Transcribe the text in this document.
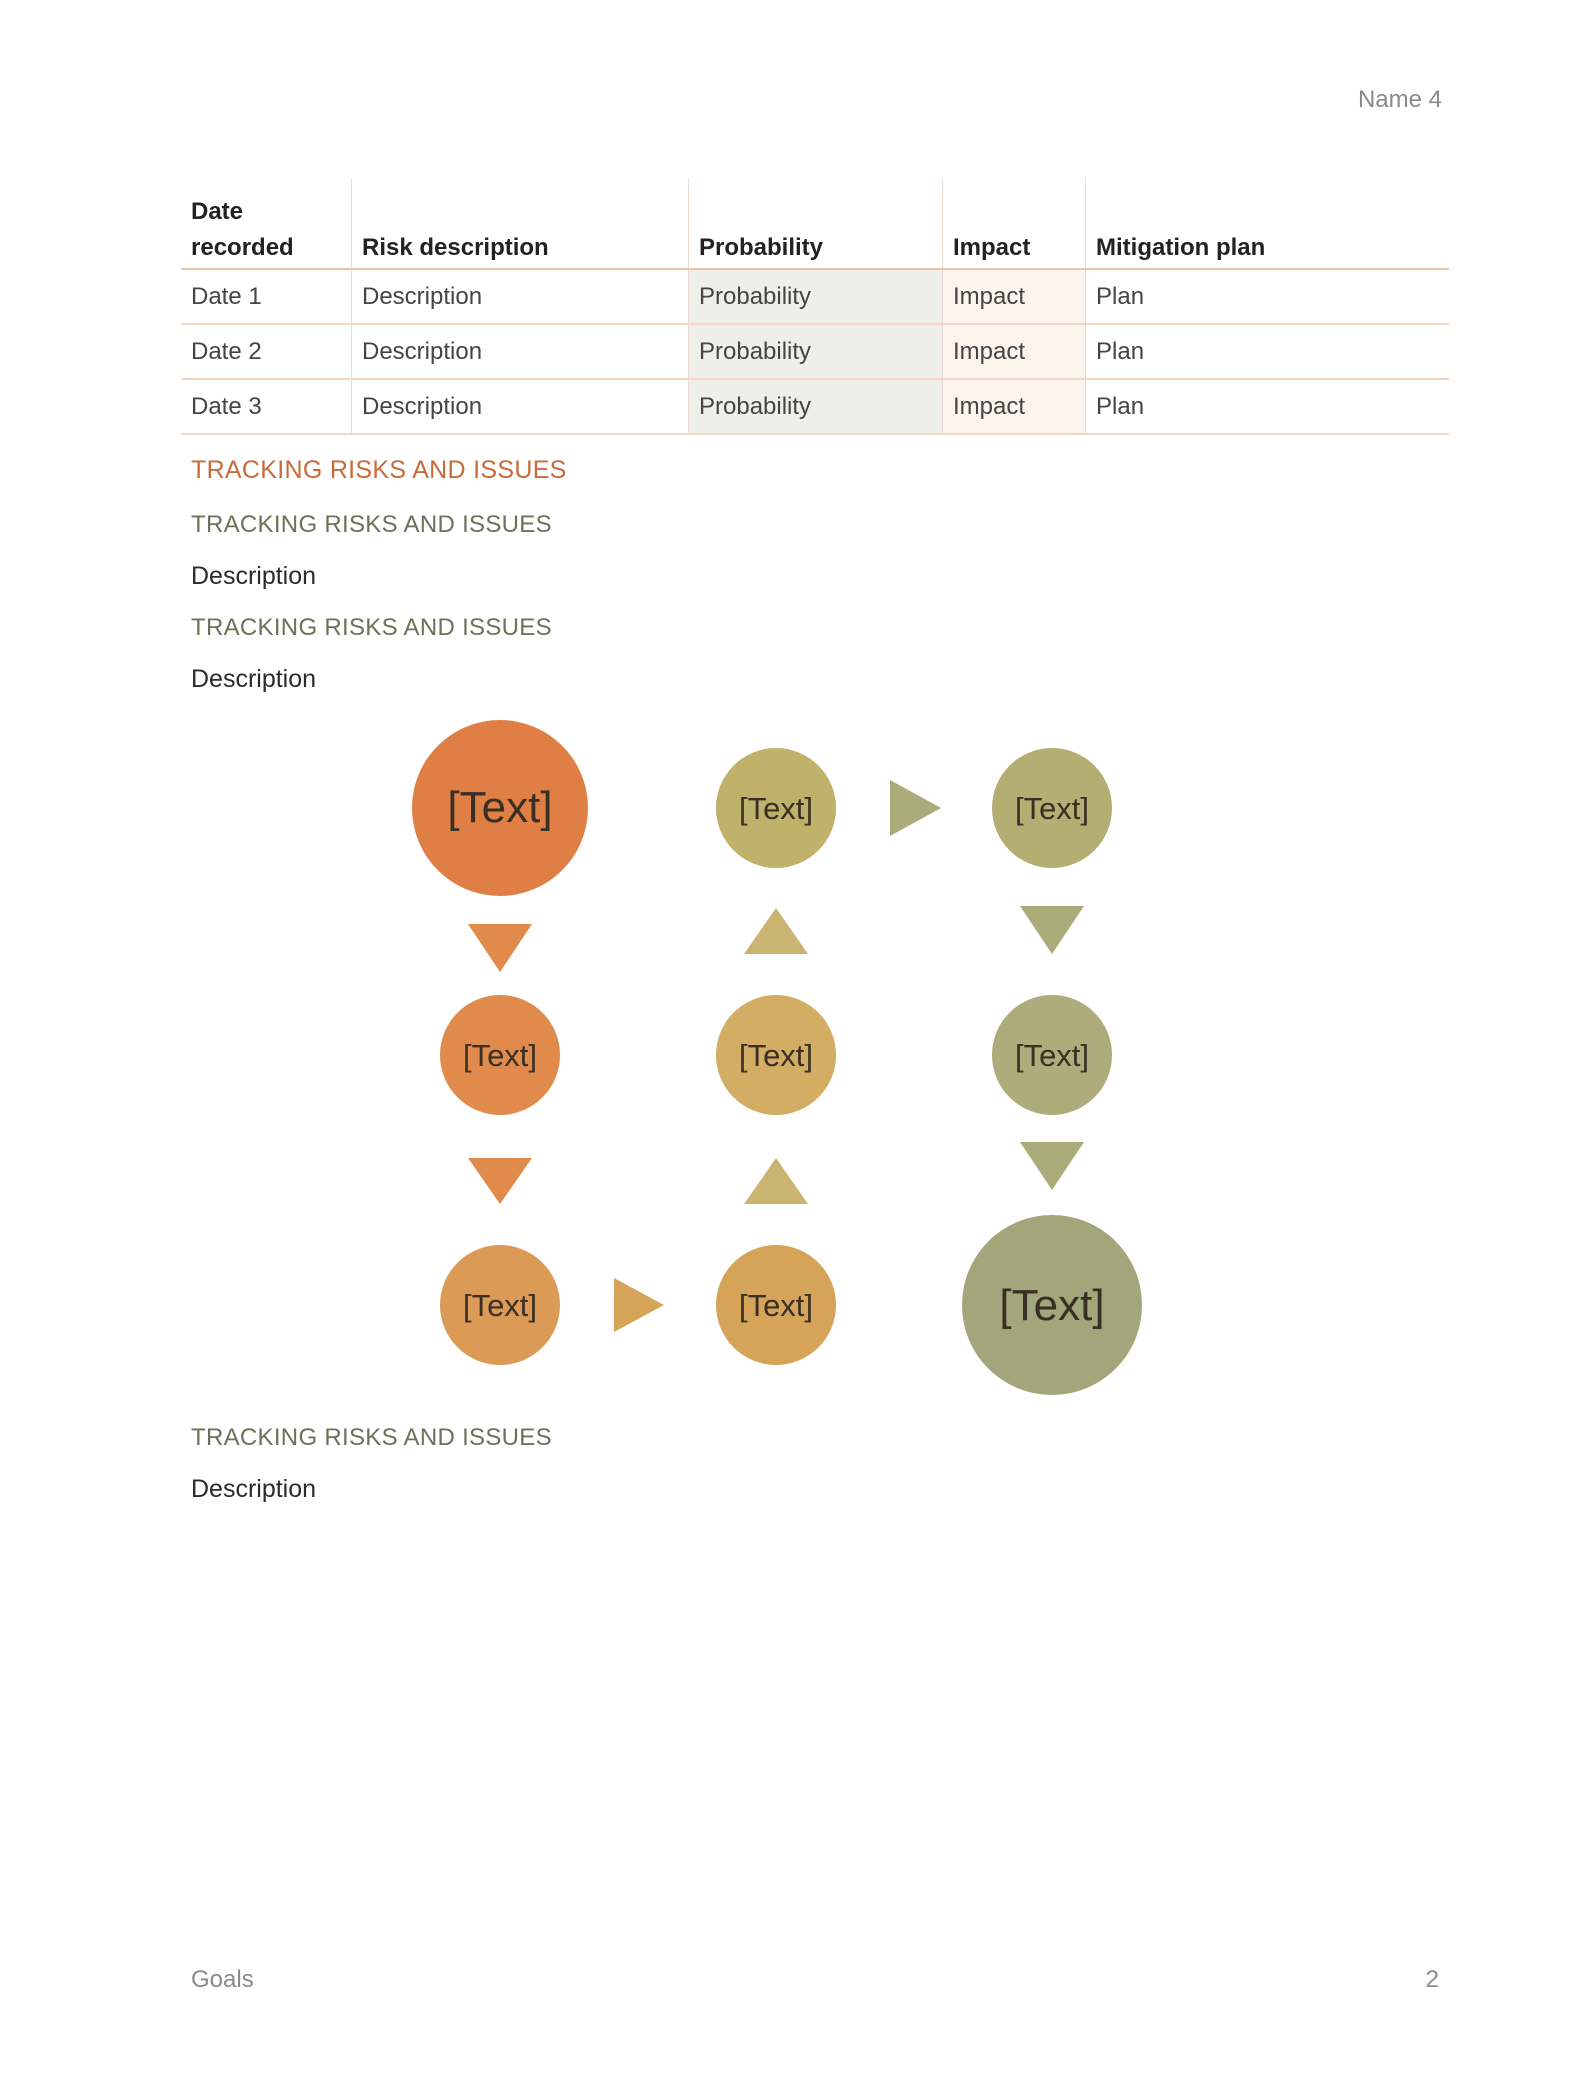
Name 4
Date
recorded	Risk description	Probability	Impact	Mitigation plan
Date 1	Description	Probability	Impact	Plan
Date 2	Description	Probability	Impact	Plan
Date 3	Description	Probability	Impact	Plan
TRACKING RISKS AND ISSUES
TRACKING RISKS AND ISSUES
Description
TRACKING RISKS AND ISSUES
Description
[Text]
[Text]
[Text]	[Text]
[Text]
[Text]	[Text]
[Text]
[Text]
TRACKING RISKS AND ISSUES
Description
Goals	2
